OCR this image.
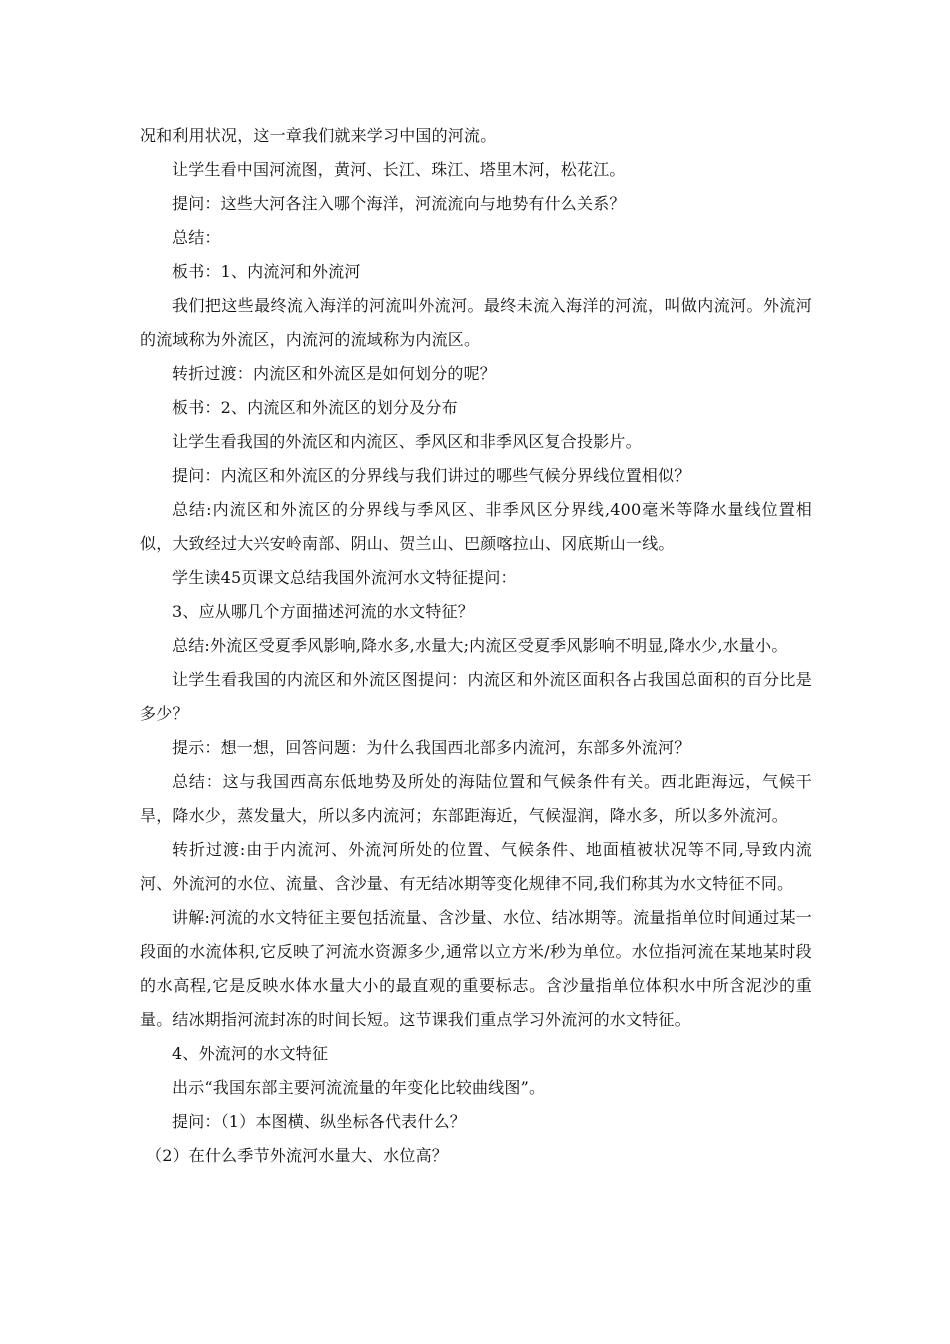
况和利用状况，这一章我们就来学习中国的河流。

让学生看中国河流图，黄河、长江、珠江、塔里木河，松花江。

提问：这些大河各注入哪个海洋，河流流向与地势有什么关系？

总结：

板书：1、内流河和外流河

我们把这些最终流入海洋的河流叫外流河。最终未流入海洋的河流，叫做内流河。外流河的流域称为外流区，内流河的流域称为内流区。

转折过渡：内流区和外流区是如何划分的呢？

板书：2、内流区和外流区的划分及分布

让学生看我国的外流区和内流区、季风区和非季风区复合投影片。

提问：内流区和外流区的分界线与我们讲过的哪些气候分界线位置相似？

总结:内流区和外流区的分界线与季风区、非季风区分界线,400毫米等降水量线位置相似，大致经过大兴安岭南部、阴山、贺兰山、巴颜喀拉山、冈底斯山一线。

学生读45页课文总结我国外流河水文特征提问：

3、应从哪几个方面描述河流的水文特征？

总结:外流区受夏季风影响,降水多,水量大;内流区受夏季风影响不明显,降水少,水量小。

让学生看我国的内流区和外流区图提问：内流区和外流区面积各占我国总面积的百分比是多少？

提示：想一想，回答问题：为什么我国西北部多内流河，东部多外流河？

总结：这与我国西高东低地势及所处的海陆位置和气候条件有关。西北距海远，气候干旱，降水少，蒸发量大，所以多内流河；东部距海近，气候湿润，降水多，所以多外流河。

转折过渡:由于内流河、外流河所处的位置、气候条件、地面植被状况等不同,导致内流河、外流河的水位、流量、含沙量、有无结冰期等变化规律不同,我们称其为水文特征不同。

讲解:河流的水文特征主要包括流量、含沙量、水位、结冰期等。流量指单位时间通过某一段面的水流体积,它反映了河流水资源多少,通常以立方米/秒为单位。水位指河流在某地某时段的水高程,它是反映水体水量大小的最直观的重要标志。含沙量指单位体积水中所含泥沙的重量。结冰期指河流封冻的时间长短。这节课我们重点学习外流河的水文特征。

4、外流河的水文特征

出示“我国东部主要河流流量的年变化比较曲线图”。

提问：（1）本图横、纵坐标各代表什么？

（2）在什么季节外流河水量大、水位高？
